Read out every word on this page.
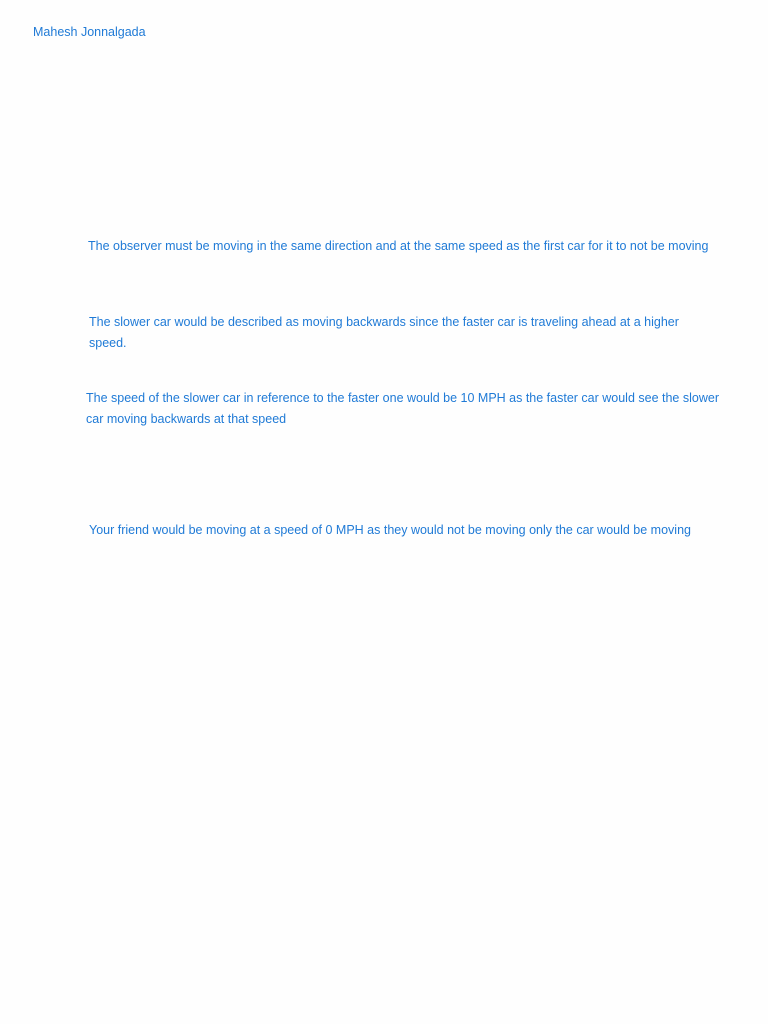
Mahesh Jonnalgada

The observer must be moving in the same direction and at the same speed as the first car for it to not be moving

The slower car would be described as moving backwards since the faster car is traveling ahead at a higher speed.

The speed of the slower car in reference to the faster one would be 10 MPH as the faster car would see the slower car moving backwards at that speed

Your friend would be moving at a speed of 0 MPH as they would not be moving only the car would be moving
